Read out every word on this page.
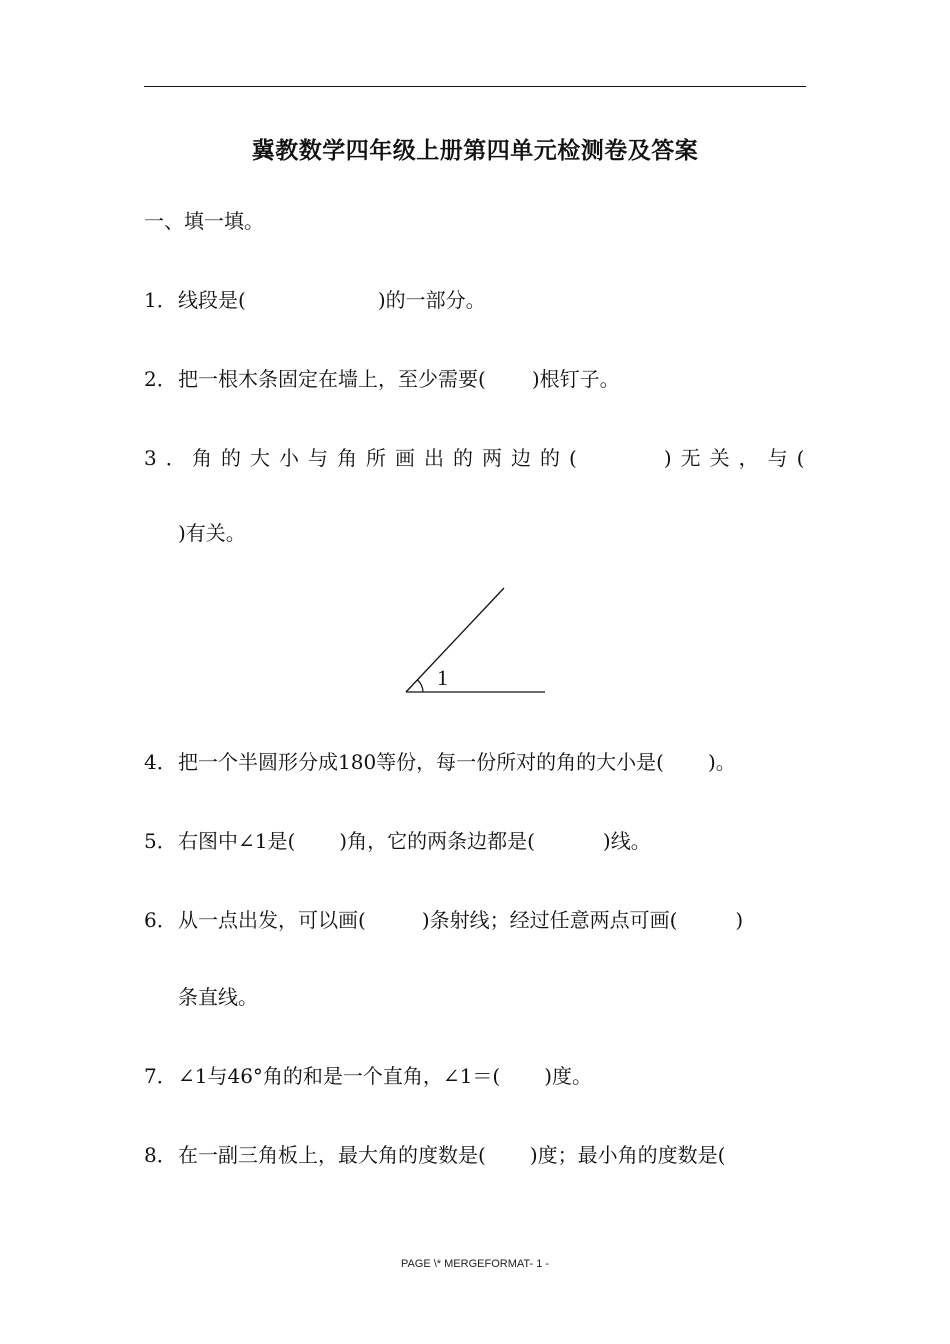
冀教数学四年级上册第四单元检测卷及答案
一、填一填。
1．线段是(	)的一部分。
2．把一根木条固定在墙上，至少需要( )根钉子。
3．角的大小与角所画出的两边的(	)无关，与(
)有关。
1
4．把一个半圆形分成180等份，每一份所对的角的大小是( )。
5．右图中∠1是( )角，它的两条边都是(	)线。
6．从一点出发，可以画(	)条射线；经过任意两点可画(	)
条直线。
7．∠1与46°角的和是一个直角，∠1＝( )度。
8．在一副三角板上，最大角的度数是( )度；最小角的度数是(
PAGE \* MERGEFORMAT- 1 -
